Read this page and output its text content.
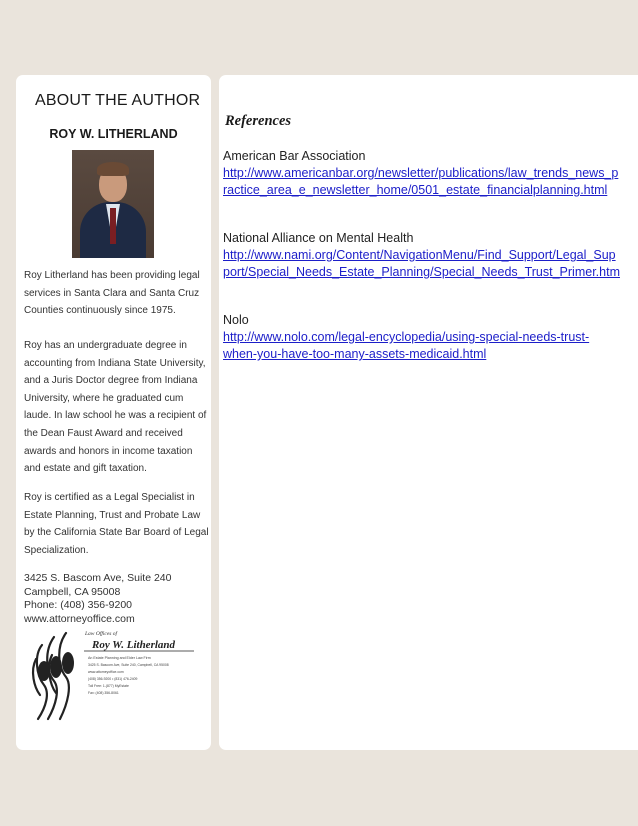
ABOUT THE AUTHOR
ROY W. LITHERLAND

Roy Litherland has been providing legal services in Santa Clara and Santa Cruz Counties continuously since 1975.

Roy has an undergraduate degree in accounting from Indiana State University, and a Juris Doctor degree from Indiana University, where he graduated cum laude. In law school he was a recipient of the Dean Faust Award and received awards and honors in income taxation and estate and gift taxation.

Roy is certified as a Legal Specialist in Estate Planning, Trust and Probate Law by the California State Bar Board of Legal Specialization.

3425 S. Bascom Ave, Suite 240
Campbell, CA 95008
Phone: (408) 356-9200
www.attorneyoffice.com
Law Offices of
Roy W. Litherland
An Estate Planning and Elder Law Firm
3425 S. Bascom Ave, Suite 240, Campbell, CA 95008
www.attorneyoffice.com
(408) 356-9200 • (831) 476-2409
Toll Free: 1-(877) MyEstate
Fax: (408) 356-8061
References
American Bar Association
http://www.americanbar.org/newsletter/publications/law_trends_news_p
ractice_area_e_newsletter_home/0501_estate_financialplanning.html
National Alliance on Mental Health
http://www.nami.org/Content/NavigationMenu/Find_Support/Legal_Sup
port/Special_Needs_Estate_Planning/Special_Needs_Trust_Primer.htm
Nolo
http://www.nolo.com/legal-encyclopedia/using-special-needs-trust-
when-you-have-too-many-assets-medicaid.html
